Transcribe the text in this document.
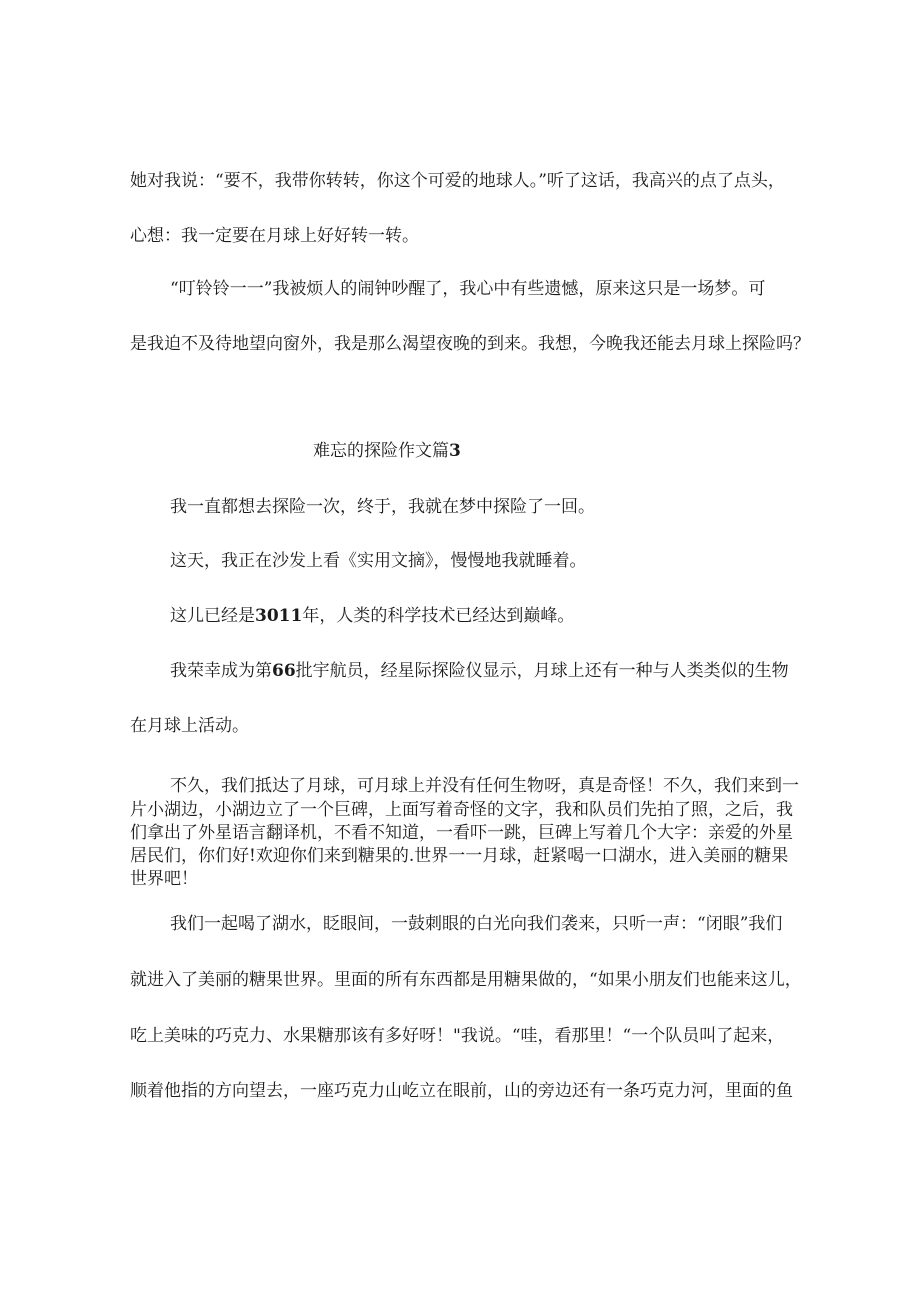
她对我说：“要不，我带你转转，你这个可爱的地球人。”听了这话，我高兴的点了点头，
心想：我一定要在月球上好好转一转。
“叮铃铃一一”我被烦人的闹钟吵醒了，我心中有些遗憾，原来这只是一场梦。可
是我迫不及待地望向窗外，我是那么渴望夜晚的到来。我想，今晚我还能去月球上探险吗？
难忘的探险作文篇3
我一直都想去探险一次，终于，我就在梦中探险了一回。
这天，我正在沙发上看《实用文摘》，慢慢地我就睡着。
这儿已经是3011年，人类的科学技术已经达到巅峰。
我荣幸成为第66批宇航员，经星际探险仪显示，月球上还有一种与人类类似的生物
在月球上活动。
不久，我们抵达了月球，可月球上并没有任何生物呀，真是奇怪！不久，我们来到一
片小湖边，小湖边立了一个巨碑，上面写着奇怪的文字，我和队员们先拍了照，之后，我
们拿出了外星语言翻译机，不看不知道，一看吓一跳，巨碑上写着几个大字：亲爱的外星
居民们，你们好!欢迎你们来到糖果的.世界一一月球，赶紧喝一口湖水，进入美丽的糖果
世界吧！
我们一起喝了湖水，眨眼间，一鼓刺眼的白光向我们袭来，只听一声：“闭眼”我们
就进入了美丽的糖果世界。里面的所有东西都是用糖果做的，“如果小朋友们也能来这儿，
吃上美味的巧克力、水果糖那该有多好呀！"我说。“哇，看那里！“一个队员叫了起来，
顺着他指的方向望去，一座巧克力山屹立在眼前，山的旁边还有一条巧克力河，里面的鱼
